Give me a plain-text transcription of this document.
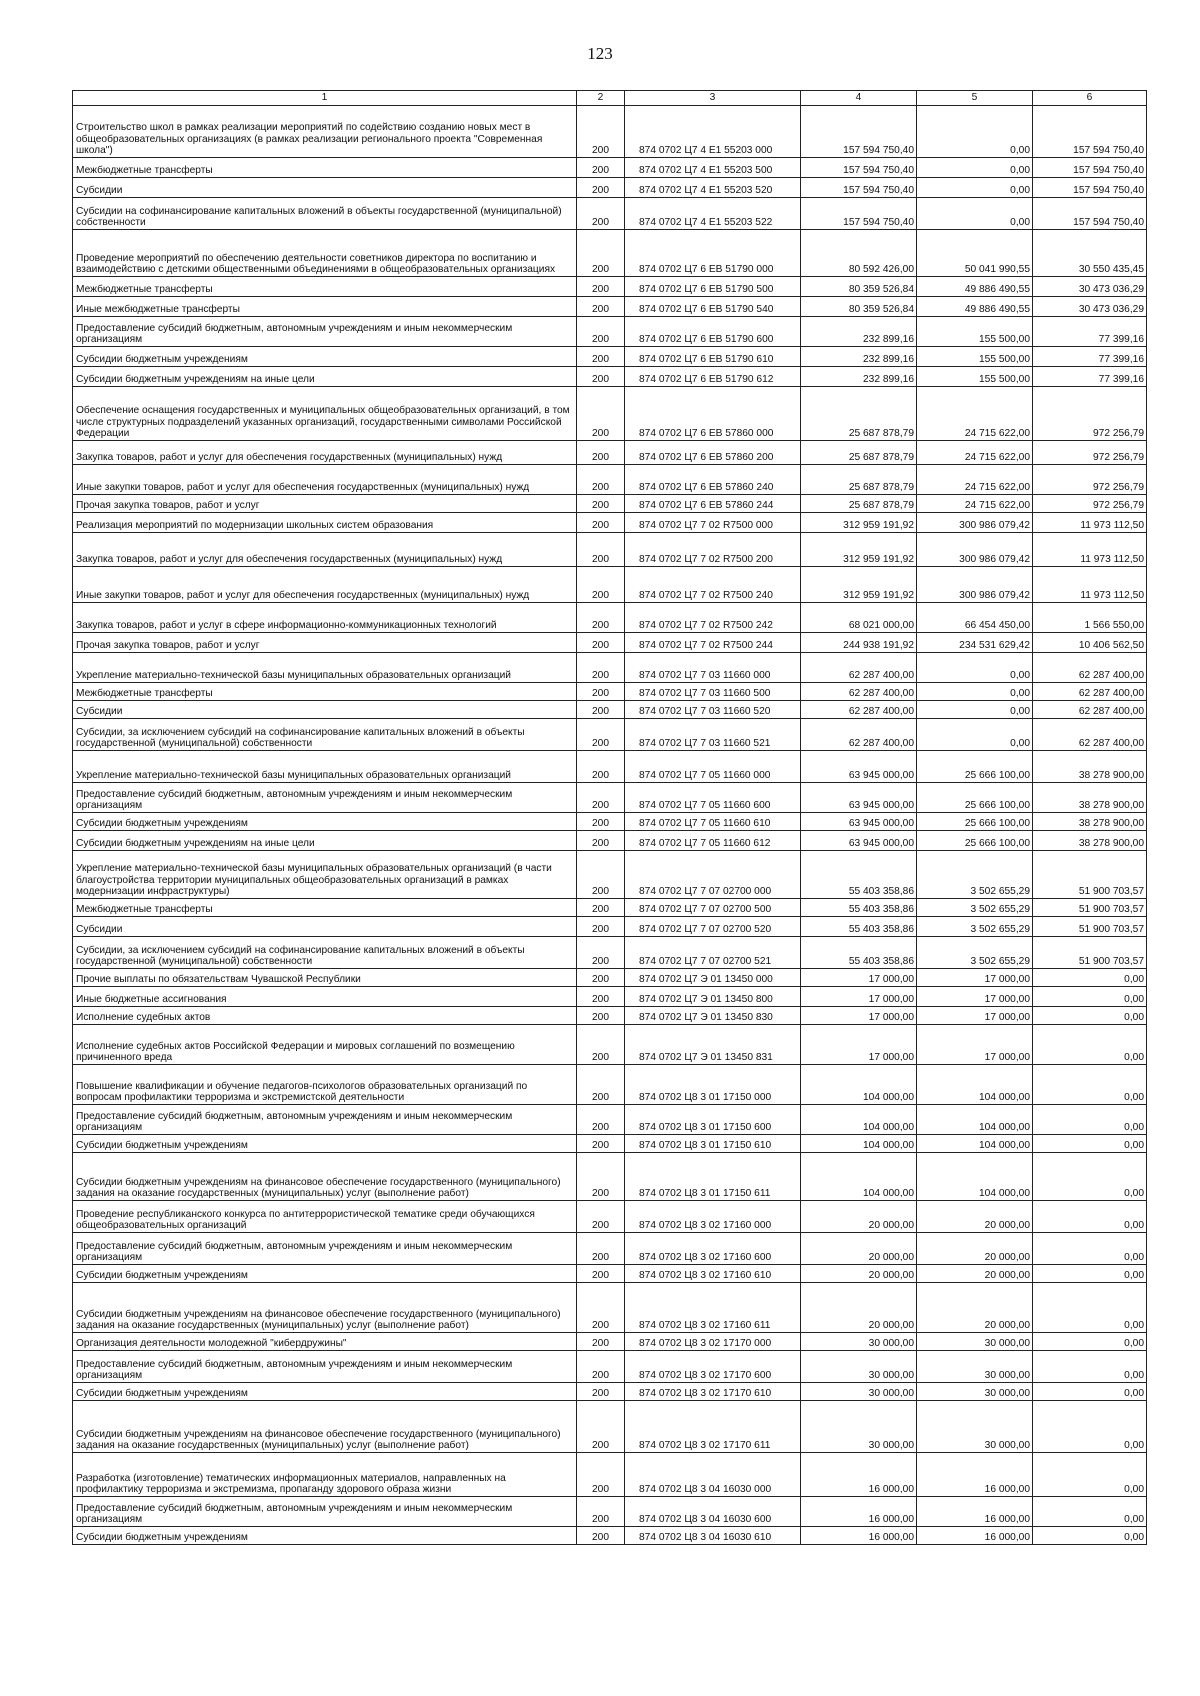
123
1	2	3	4	5	6
Строительство школ в рамках реализации мероприятий по содействию созданию новых мест в общеобразовательных организациях (в рамках реализации регионального проекта "Современная школа")	200	874 0702 Ц7 4 Е1 55203 000	157 594 750,40	0,00	157 594 750,40
Межбюджетные трансферты	200	874 0702 Ц7 4 Е1 55203 500	157 594 750,40	0,00	157 594 750,40
Субсидии	200	874 0702 Ц7 4 Е1 55203 520	157 594 750,40	0,00	157 594 750,40
Субсидии на софинансирование капитальных вложений в объекты государственной (муниципальной) собственности	200	874 0702 Ц7 4 Е1 55203 522	157 594 750,40	0,00	157 594 750,40
Проведение мероприятий по обеспечению деятельности советников директора по воспитанию и взаимодействию с детскими общественными объединениями в общеобразовательных организациях	200	874 0702 Ц7 6 ЕВ 51790 000	80 592 426,00	50 041 990,55	30 550 435,45
Межбюджетные трансферты	200	874 0702 Ц7 6 ЕВ 51790 500	80 359 526,84	49 886 490,55	30 473 036,29
Иные межбюджетные трансферты	200	874 0702 Ц7 6 ЕВ 51790 540	80 359 526,84	49 886 490,55	30 473 036,29
Предоставление субсидий бюджетным, автономным учреждениям и иным некоммерческим организациям	200	874 0702 Ц7 6 ЕВ 51790 600	232 899,16	155 500,00	77 399,16
Субсидии бюджетным учреждениям	200	874 0702 Ц7 6 ЕВ 51790 610	232 899,16	155 500,00	77 399,16
Субсидии бюджетным учреждениям на иные цели	200	874 0702 Ц7 6 ЕВ 51790 612	232 899,16	155 500,00	77 399,16
Обеспечение оснащения государственных и муниципальных общеобразовательных организаций, в том числе структурных подразделений указанных организаций, государственными символами Российской Федерации	200	874 0702 Ц7 6 ЕВ 57860 000	25 687 878,79	24 715 622,00	972 256,79
Закупка товаров, работ и услуг для обеспечения государственных (муниципальных) нужд	200	874 0702 Ц7 6 ЕВ 57860 200	25 687 878,79	24 715 622,00	972 256,79
Иные закупки товаров, работ и услуг для обеспечения государственных (муниципальных) нужд	200	874 0702 Ц7 6 ЕВ 57860 240	25 687 878,79	24 715 622,00	972 256,79
Прочая закупка товаров, работ и услуг	200	874 0702 Ц7 6 ЕВ 57860 244	25 687 878,79	24 715 622,00	972 256,79
Реализация мероприятий по модернизации школьных систем образования	200	874 0702 Ц7 7 02 R7500 000	312 959 191,92	300 986 079,42	11 973 112,50
Закупка товаров, работ и услуг для обеспечения государственных (муниципальных) нужд	200	874 0702 Ц7 7 02 R7500 200	312 959 191,92	300 986 079,42	11 973 112,50
Иные закупки товаров, работ и услуг для обеспечения государственных (муниципальных) нужд	200	874 0702 Ц7 7 02 R7500 240	312 959 191,92	300 986 079,42	11 973 112,50
Закупка товаров, работ и услуг в сфере информационно-коммуникационных технологий	200	874 0702 Ц7 7 02 R7500 242	68 021 000,00	66 454 450,00	1 566 550,00
Прочая закупка товаров, работ и услуг	200	874 0702 Ц7 7 02 R7500 244	244 938 191,92	234 531 629,42	10 406 562,50
Укрепление материально-технической базы муниципальных образовательных организаций	200	874 0702 Ц7 7 03 11660 000	62 287 400,00	0,00	62 287 400,00
Межбюджетные трансферты	200	874 0702 Ц7 7 03 11660 500	62 287 400,00	0,00	62 287 400,00
Субсидии	200	874 0702 Ц7 7 03 11660 520	62 287 400,00	0,00	62 287 400,00
Субсидии, за исключением субсидий на софинансирование капитальных вложений в объекты государственной (муниципальной) собственности	200	874 0702 Ц7 7 03 11660 521	62 287 400,00	0,00	62 287 400,00
Укрепление материально-технической базы муниципальных образовательных организаций	200	874 0702 Ц7 7 05 11660 000	63 945 000,00	25 666 100,00	38 278 900,00
Предоставление субсидий бюджетным, автономным учреждениям и иным некоммерческим организациям	200	874 0702 Ц7 7 05 11660 600	63 945 000,00	25 666 100,00	38 278 900,00
Субсидии бюджетным учреждениям	200	874 0702 Ц7 7 05 11660 610	63 945 000,00	25 666 100,00	38 278 900,00
Субсидии бюджетным учреждениям на иные цели	200	874 0702 Ц7 7 05 11660 612	63 945 000,00	25 666 100,00	38 278 900,00
Укрепление материально-технической базы муниципальных образовательных организаций (в части благоустройства территории муниципальных общеобразовательных организаций в рамках модернизации инфраструктуры)	200	874 0702 Ц7 7 07 02700 000	55 403 358,86	3 502 655,29	51 900 703,57
Межбюджетные трансферты	200	874 0702 Ц7 7 07 02700 500	55 403 358,86	3 502 655,29	51 900 703,57
Субсидии	200	874 0702 Ц7 7 07 02700 520	55 403 358,86	3 502 655,29	51 900 703,57
Субсидии, за исключением субсидий на софинансирование капитальных вложений в объекты государственной (муниципальной) собственности	200	874 0702 Ц7 7 07 02700 521	55 403 358,86	3 502 655,29	51 900 703,57
Прочие выплаты по обязательствам Чувашской Республики	200	874 0702 Ц7 Э 01 13450 000	17 000,00	17 000,00	0,00
Иные бюджетные ассигнования	200	874 0702 Ц7 Э 01 13450 800	17 000,00	17 000,00	0,00
Исполнение судебных актов	200	874 0702 Ц7 Э 01 13450 830	17 000,00	17 000,00	0,00
Исполнение судебных актов Российской Федерации и мировых соглашений по возмещению причиненного вреда	200	874 0702 Ц7 Э 01 13450 831	17 000,00	17 000,00	0,00
Повышение квалификации и обучение педагогов-психологов образовательных организаций по вопросам профилактики терроризма и экстремистской деятельности	200	874 0702 Ц8 3 01 17150 000	104 000,00	104 000,00	0,00
Предоставление субсидий бюджетным, автономным учреждениям и иным некоммерческим организациям	200	874 0702 Ц8 3 01 17150 600	104 000,00	104 000,00	0,00
Субсидии бюджетным учреждениям	200	874 0702 Ц8 3 01 17150 610	104 000,00	104 000,00	0,00
Субсидии бюджетным учреждениям на финансовое обеспечение государственного (муниципального) задания на оказание государственных (муниципальных) услуг (выполнение работ)	200	874 0702 Ц8 3 01 17150 611	104 000,00	104 000,00	0,00
Проведение республиканского конкурса по антитеррористической тематике среди обучающихся общеобразовательных организаций	200	874 0702 Ц8 3 02 17160 000	20 000,00	20 000,00	0,00
Предоставление субсидий бюджетным, автономным учреждениям и иным некоммерческим организациям	200	874 0702 Ц8 3 02 17160 600	20 000,00	20 000,00	0,00
Субсидии бюджетным учреждениям	200	874 0702 Ц8 3 02 17160 610	20 000,00	20 000,00	0,00
Субсидии бюджетным учреждениям на финансовое обеспечение государственного (муниципального) задания на оказание государственных (муниципальных) услуг (выполнение работ)	200	874 0702 Ц8 3 02 17160 611	20 000,00	20 000,00	0,00
Организация деятельности молодежной "кибердружины"	200	874 0702 Ц8 3 02 17170 000	30 000,00	30 000,00	0,00
Предоставление субсидий бюджетным, автономным учреждениям и иным некоммерческим организациям	200	874 0702 Ц8 3 02 17170 600	30 000,00	30 000,00	0,00
Субсидии бюджетным учреждениям	200	874 0702 Ц8 3 02 17170 610	30 000,00	30 000,00	0,00
Субсидии бюджетным учреждениям на финансовое обеспечение государственного (муниципального) задания на оказание государственных (муниципальных) услуг (выполнение работ)	200	874 0702 Ц8 3 02 17170 611	30 000,00	30 000,00	0,00
Разработка (изготовление) тематических информационных материалов, направленных на профилактику терроризма и экстремизма, пропаганду здорового образа жизни	200	874 0702 Ц8 3 04 16030 000	16 000,00	16 000,00	0,00
Предоставление субсидий бюджетным, автономным учреждениям и иным некоммерческим организациям	200	874 0702 Ц8 3 04 16030 600	16 000,00	16 000,00	0,00
Субсидии бюджетным учреждениям	200	874 0702 Ц8 3 04 16030 610	16 000,00	16 000,00	0,00
